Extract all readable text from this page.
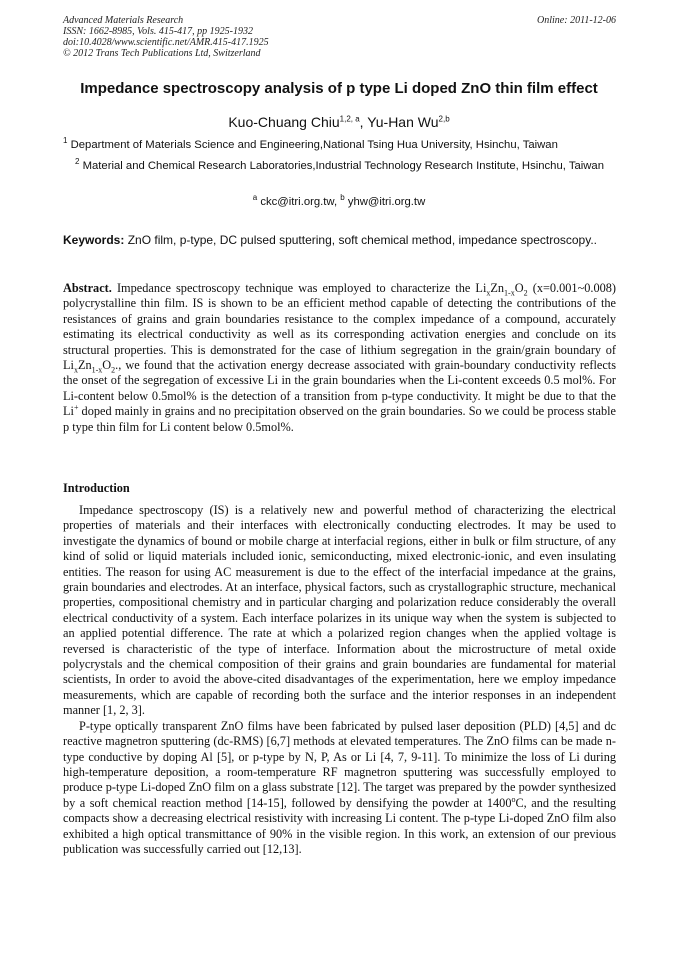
Advanced Materials Research
ISSN: 1662-8985, Vols. 415-417, pp 1925-1932
doi:10.4028/www.scientific.net/AMR.415-417.1925
© 2012 Trans Tech Publications Ltd, Switzerland
Online: 2011-12-06
Impedance spectroscopy analysis of p type Li doped ZnO thin film effect
Kuo-Chuang Chiu$^{1,2, a}$, Yu-Han Wu$^{2,b}$
$^1$ Department of Materials Science and Engineering,National Tsing Hua University, Hsinchu, Taiwan
$^2$ Material and Chemical Research Laboratories,Industrial Technology Research Institute, Hsinchu, Taiwan
$^a$ ckc@itri.org.tw, $^b$ yhw@itri.org.tw
Keywords: ZnO film, p-type, DC pulsed sputtering, soft chemical method, impedance spectroscopy..
Abstract. Impedance spectroscopy technique was employed to characterize the $Li_xZn_{1-x}O_2$ (x=0.001~0.008) polycrystalline thin film. IS is shown to be an efficient method capable of detecting the contributions of the resistances of grains and grain boundaries resistance to the complex impedance of a compound, accurately estimating its electrical conductivity as well as its corresponding activation energies and conclude on its structural properties. This is demonstrated for the case of lithium segregation in the grain/grain boundary of $Li_xZn_{1-x}O_2$., we found that the activation energy decrease associated with grain-boundary conductivity reflects the onset of the segregation of excessive Li in the grain boundaries when the Li-content exceeds 0.5 mol%. For Li-content below 0.5mol% is the detection of a transition from p-type conductivity. It might be due to that the Li+ doped mainly in grains and no precipitation observed on the grain boundaries. So we could be process stable p type thin film for Li content below 0.5mol%.
Introduction

Impedance spectroscopy (IS) is a relatively new and powerful method of characterizing the electrical properties of materials and their interfaces with electronically conducting electrodes. It may be used to investigate the dynamics of bound or mobile charge at interfacial regions, either in bulk or film structure, of any kind of solid or liquid materials included ionic, semiconducting, mixed electronic-ionic, and even insulating entities. The reason for using AC measurement is due to the effect of the interfacial impedance at the grains, grain boundaries and electrodes. At an interface, physical factors, such as crystallographic structure, mechanical properties, compositional chemistry and in particular charging and polarization reduce considerably the overall electrical conductivity of a system. Each interface polarizes in its unique way when the system is subjected to an applied potential difference. The rate at which a polarized region changes when the applied voltage is reversed is characteristic of the type of interface. Information about the microstructure of metal oxide polycrystals and the chemical composition of their grains and grain boundaries are fundamental for material scientists, In order to avoid the above-cited disadvantages of the experimentation, here we employ impedance measurements, which are capable of recording both the surface and the interior responses in an independent manner [1, 2, 3].

P-type optically transparent ZnO films have been fabricated by pulsed laser deposition (PLD) [4,5] and dc reactive magnetron sputtering (dc-RMS) [6,7] methods at elevated temperatures. The ZnO films can be made n-type conductive by doping Al [5], or p-type by N, P, As or Li [4, 7, 9-11]. To minimize the loss of Li during high-temperature deposition, a room-temperature RF magnetron sputtering was successfully employed to produce p-type Li-doped ZnO film on a glass substrate [12]. The target was prepared by the powder synthesized by a soft chemical reaction method [14-15], followed by densifying the powder at 1400$^o$C, and the resulting compacts show a decreasing electrical resistivity with increasing Li content. The p-type Li-doped ZnO film also exhibited a high optical transmittance of 90% in the visible region. In this work, an extension of our previous publication was successfully carried out [12,13].
